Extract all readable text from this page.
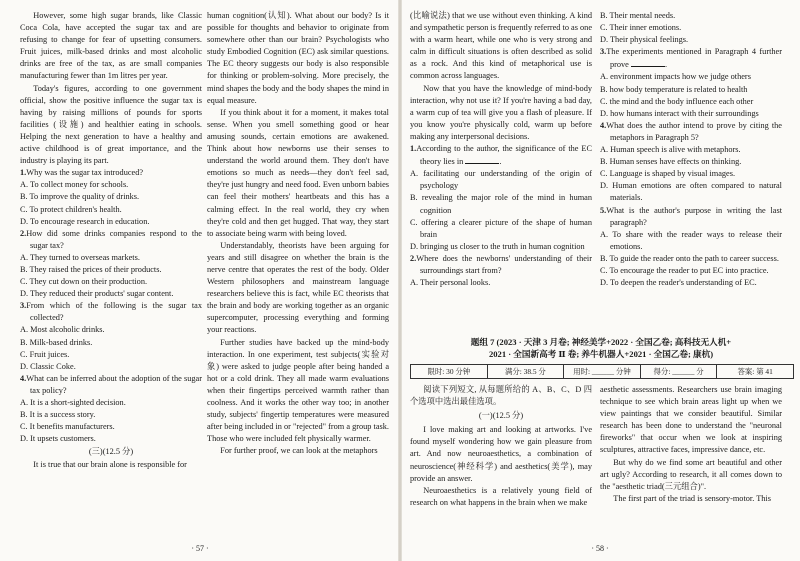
However, some high sugar brands, like Classic Coca Cola, have accepted the sugar tax and are refusing to change for fear of upsetting consumers. Fruit juices, milk-based drinks and most alcoholic drinks are free of the tax, as are small companies manufacturing fewer than 1m litres per year.

Today's figures, according to one government official, show the positive influence the sugar tax is having by raising millions of pounds for sports facilities (设施) and healthier eating in schools. Helping the next generation to have a healthy and active childhood is of great importance, and the industry is playing its part.

1.Why was the sugar tax introduced?

A. To collect money for schools.

B. To improve the quality of drinks.

C. To protect children's health.

D. To encourage research in education.

2.How did some drinks companies respond to the sugar tax?

A. They turned to overseas markets.

B. They raised the prices of their products.

C. They cut down on their production.

D. They reduced their products' sugar content.

3.From which of the following is the sugar tax collected?

A. Most alcoholic drinks.

B. Milk-based drinks.

C. Fruit juices.

D. Classic Coke.

4.What can be inferred about the adoption of the sugar tax policy?

A. It is a short-sighted decision.

B. It is a success story.

C. It benefits manufacturers.

D. It upsets customers.

(三)(12.5 分)

It is true that our brain alone is responsible for

human cognition(认知). What about our body? Is it possible for thoughts and behavior to originate from somewhere other than our brain? Psychologists who study Embodied Cognition (EC) ask similar questions. The EC theory suggests our body is also responsible for thinking or problem-solving. More precisely, the mind shapes the body and the body shapes the mind in equal measure.

If you think about it for a moment, it makes total sense. When you smell something good or hear amusing sounds, certain emotions are awakened. Think about how newborns use their senses to understand the world around them. They don't have emotions so much as needs—they don't feel sad, they're just hungry and need food. Even unborn babies can feel their mothers' heartbeats and this has a calming effect. In the real world, they cry when they're cold and then get hugged. That way, they start to associate being warm with being loved.

Understandably, theorists have been arguing for years and still disagree on whether the brain is the nerve centre that operates the rest of the body. Older Western philosophers and mainstream language researchers believe this is fact, while EC theorists that the brain and body are working together as an organic supercomputer, processing everything and forming your reactions.

Further studies have backed up the mind-body interaction. In one experiment, test subjects(实验对象) were asked to judge people after being handed a hot or a cold drink. They all made warm evaluations when their fingertips perceived warmth rather than coolness. And it works the other way too; in another study, subjects' fingertip temperatures were measured after being included in or "rejected" from a group task. Those who were included felt physically warmer.

For further proof, we can look at the metaphors

· 57 ·

(比喻说法) that we use without even thinking. A kind and sympathetic person is frequently referred to as one with a warm heart, while one who is very strong and calm in difficult situations is often described as solid as a rock. And this kind of metaphorical use is common across languages.

Now that you have the knowledge of mind-body interaction, why not use it? If you're having a bad day, a warm cup of tea will give you a flash of pleasure. If you know you're physically cold, warm up before making any interpersonal decisions.

1.According to the author, the significance of the EC theory lies in	.

A. facilitating our understanding of the origin of psychology

B. revealing the major role of the mind in human cognition

C. offering a clearer picture of the shape of human brain

D. bringing us closer to the truth in human cognition

2.Where does the newborns' understanding of their surroundings start from?

A. Their personal looks.

B. Their mental needs.

C. Their inner emotions.

D. Their physical feelings.

3.The experiments mentioned in Paragraph 4 further prove	.

A. environment impacts how we judge others

B. how body temperature is related to health

C. the mind and the body influence each other

D. how humans interact with their surroundings

4.What does the author intend to prove by citing the metaphors in Paragraph 5?

A. Human speech is alive with metaphors.

B. Human senses have effects on thinking.

C. Language is shaped by visual images.

D. Human emotions are often compared to natural materials.

5.What is the author's purpose in writing the last paragraph?

A. To share with the reader ways to release their emotions.

B. To guide the reader onto the path to career success.

C. To encourage the reader to put EC into practice.

D. To deepen the reader's understanding of EC.

题组 7 (2023 · 天津 3 月卷; 神经美学+2022 · 全国乙卷; 高科技无人机+
2021 · 全国新高考 Ⅱ 卷; 养牛机器人+2021 · 全国乙卷; 康杭)
限时: 30 分钟	满分: 38.5 分	用时: ______ 分钟	得分: ______ 分	答案: 第 41

阅读下列短文, 从每题所给的 A、B、C、D 四个选项中选出最佳选项。

(一)(12.5 分)

I love making art and looking at artworks. I've found myself wondering how we gain pleasure from art. And now neuroaesthetics, a combination of neuroscience(神经科学) and aesthetics(美学), may provide an answer.

Neuroaesthetics is a relatively young field of research on what happens in the brain when we make

aesthetic assessments. Researchers use brain imaging technique to see which brain areas light up when we view paintings that we consider beautiful. Similar research has been done to understand the "neuronal fireworks" that occur when we look at inspiring sculptures, attractive faces, impressive dance, etc.

But why do we find some art beautiful and other art ugly? According to research, it all comes down to the "aesthetic triad(三元组合)".

The first part of the triad is sensory-motor. This

· 58 ·
